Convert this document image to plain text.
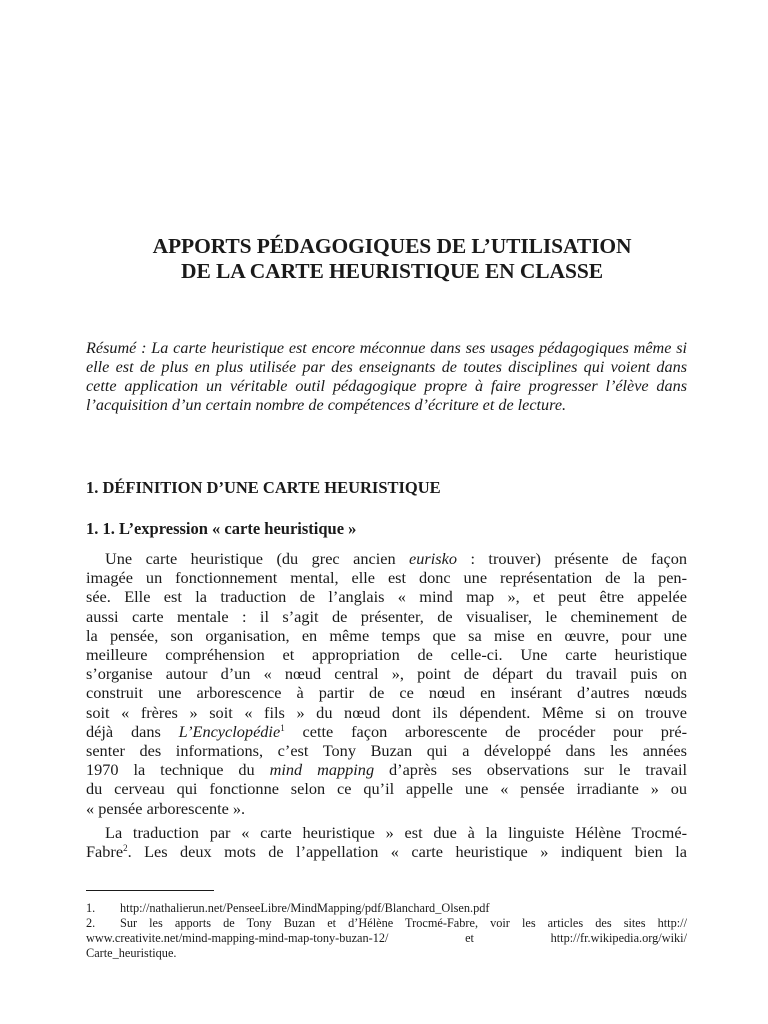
APPORTS PÉDAGOGIQUES DE L’UTILISATION
DE LA CARTE HEURISTIQUE EN CLASSE

Résumé : La carte heuristique est encore méconnue dans ses usages pédagogiques même si elle est de plus en plus utilisée par des enseignants de toutes disciplines qui voient dans cette application un véritable outil pédagogique propre à faire progresser l’élève dans l’acquisition d’un certain nombre de compétences d’écriture et de lecture.

1. DÉFINITION D’UNE CARTE HEURISTIQUE
1. 1. L’expression « carte heuristique »
Une carte heuristique (du grec ancien eurisko : trouver) présente de façon
imagée un fonctionnement mental, elle est donc une représentation de la pen-
sée. Elle est la traduction de l’anglais « mind map », et peut être appelée
aussi carte mentale : il s’agit de présenter, de visualiser, le cheminement de
la pensée, son organisation, en même temps que sa mise en œuvre, pour une
meilleure compréhension et appropriation de celle-ci. Une carte heuristique
s’organise autour d’un « nœud central », point de départ du travail puis on
construit une arborescence à partir de ce nœud en insérant d’autres nœuds
soit « frères » soit « fils » du nœud dont ils dépendent. Même si on trouve
déjà dans L’Encyclopédie$^1$ cette façon arborescente de procéder pour pré-
senter des informations, c’est Tony Buzan qui a développé dans les années
1970 la technique du mind mapping d’après ses observations sur le travail
du cerveau qui fonctionne selon ce qu’il appelle une « pensée irradiante » ou
« pensée arborescente ».
La traduction par « carte heuristique » est due à la linguiste Hélène Trocmé-
Fabre$^2$. Les deux mots de l’appellation « carte heuristique » indiquent bien la
1. http://nathalierun.net/PenseeLibre/MindMapping/pdf/Blanchard_Olsen.pdf
2. Sur les apports de Tony Buzan et d’Hélène Trocmé-Fabre, voir les articles des sites http://
www.creativite.net/mind-mapping-mind-map-tony-buzan-12/ et http://fr.wikipedia.org/wiki/
Carte_heuristique.
